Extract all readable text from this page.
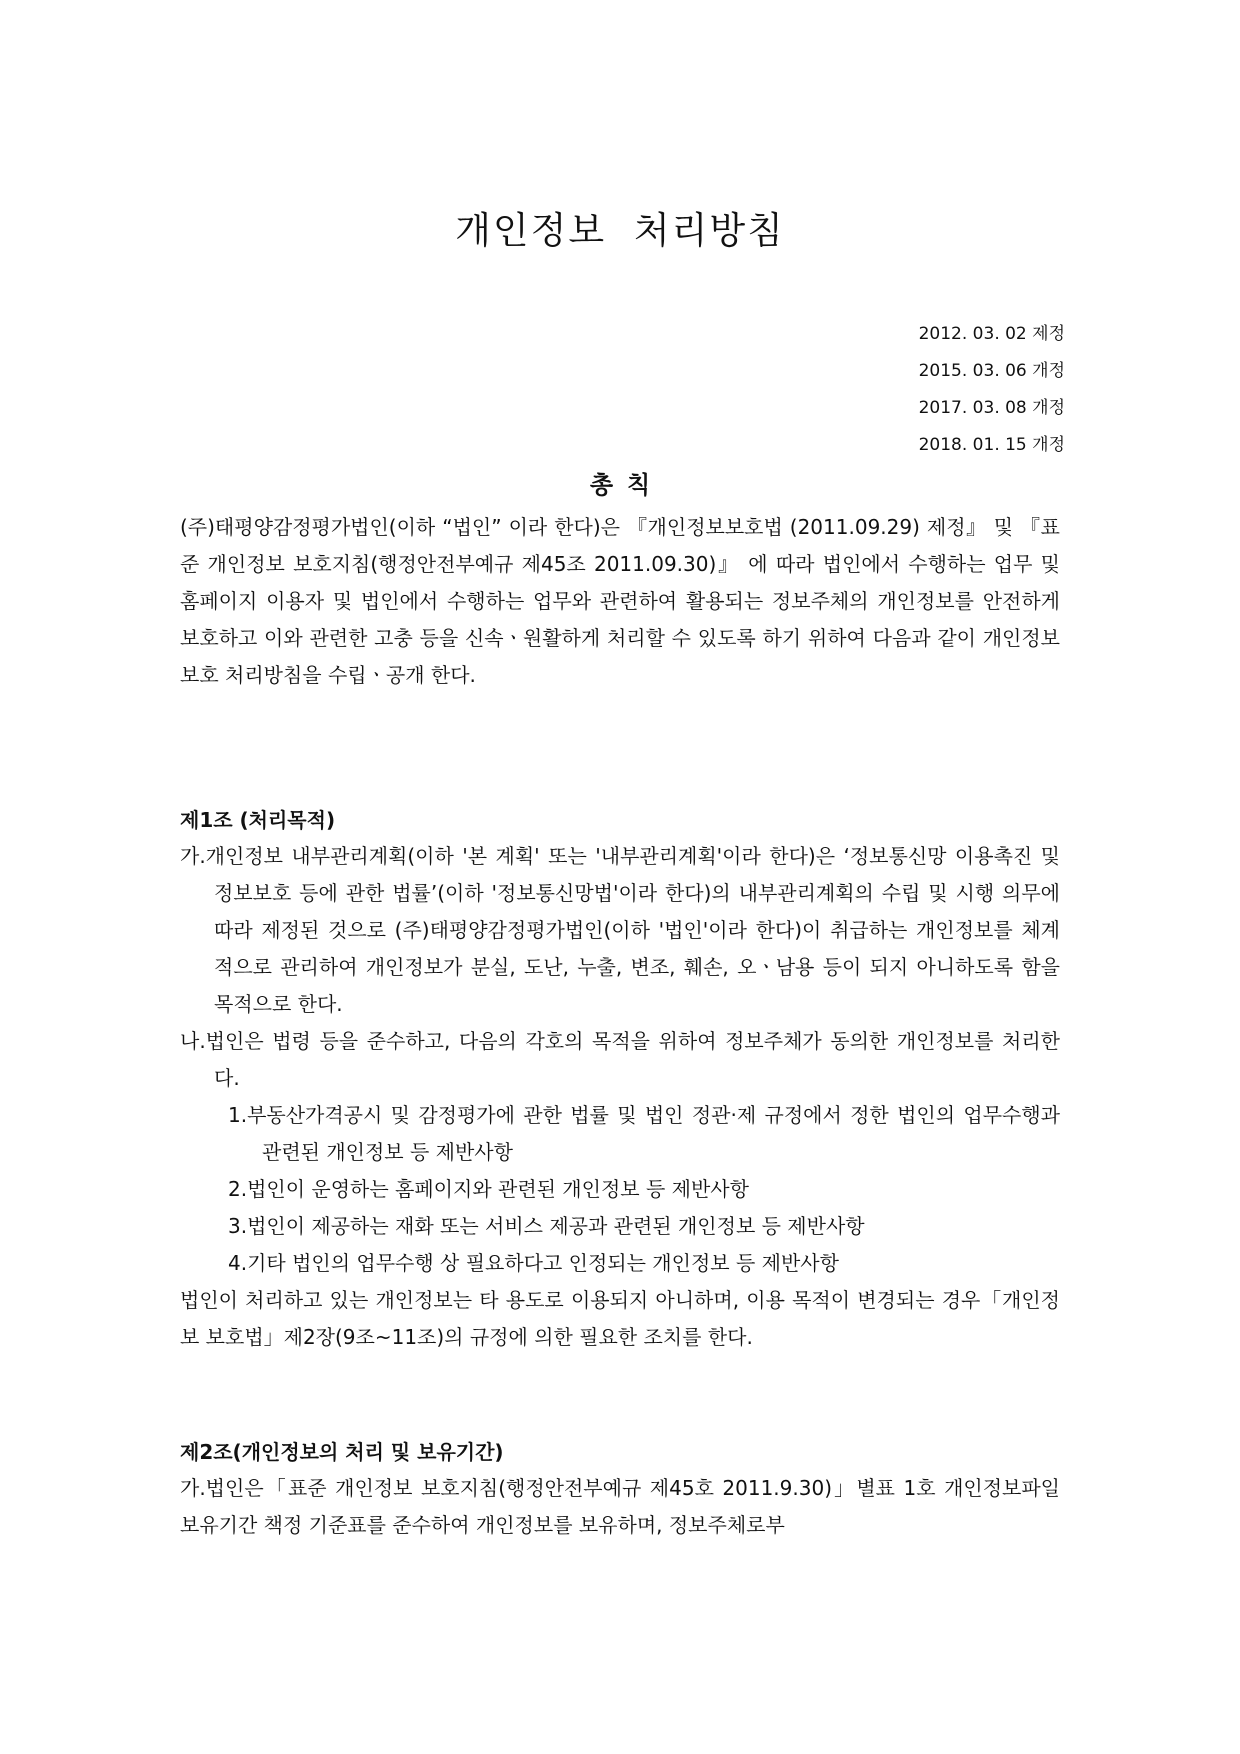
개인정보 처리방침
2012. 03. 02 제정
2015. 03. 06 개정
2017. 03. 08 개정
2018. 01. 15 개정
총칙

(주)태평양감정평가법인(이하 “법인” 이라 한다)은 『개인정보보호법 (2011.09.29) 제정』 및 『표준 개인정보 보호지침(행정안전부예규 제45조 2011.09.30)』 에 따라 법인에서 수행하는 업무 및 홈페이지 이용자 및 법인에서 수행하는 업무와 관련하여 활용되는 정보주체의 개인정보를 안전하게 보호하고 이와 관련한 고충 등을 신속ㆍ원활하게 처리할 수 있도록 하기 위하여 다음과 같이 개인정보보호 처리방침을 수립ㆍ공개 한다.

제1조 (처리목적)

가.개인정보 내부관리계획(이하 '본 계획' 또는 '내부관리계획'이라 한다)은 ‘정보통신망 이용촉진 및 정보보호 등에 관한 법률’(이하 '정보통신망법'이라 한다)의 내부관리계획의 수립 및 시행 의무에 따라 제정된 것으로 (주)태평양감정평가법인(이하 '법인'이라 한다)이 취급하는 개인정보를 체계적으로 관리하여 개인정보가 분실, 도난, 누출, 변조, 훼손, 오ㆍ남용 등이 되지 아니하도록 함을 목적으로 한다.

나.법인은 법령 등을 준수하고, 다음의 각호의 목적을 위하여 정보주체가 동의한 개인정보를 처리한다.

1.부동산가격공시 및 감정평가에 관한 법률 및 법인 정관·제 규정에서 정한 법인의 업무수행과 관련된 개인정보 등 제반사항

2.법인이 운영하는 홈페이지와 관련된 개인정보 등 제반사항

3.법인이 제공하는 재화 또는 서비스 제공과 관련된 개인정보 등 제반사항

4.기타 법인의 업무수행 상 필요하다고 인정되는 개인정보 등 제반사항

법인이 처리하고 있는 개인정보는 타 용도로 이용되지 아니하며, 이용 목적이 변경되는 경우「개인정보 보호법」제2장(9조~11조)의 규정에 의한 필요한 조치를 한다.

제2조(개인정보의 처리 및 보유기간)

가.법인은「표준 개인정보 보호지침(행정안전부예규 제45호 2011.9.30)」별표 1호 개인정보파일 보유기간 책정 기준표를 준수하여 개인정보를 보유하며, 정보주체로부
